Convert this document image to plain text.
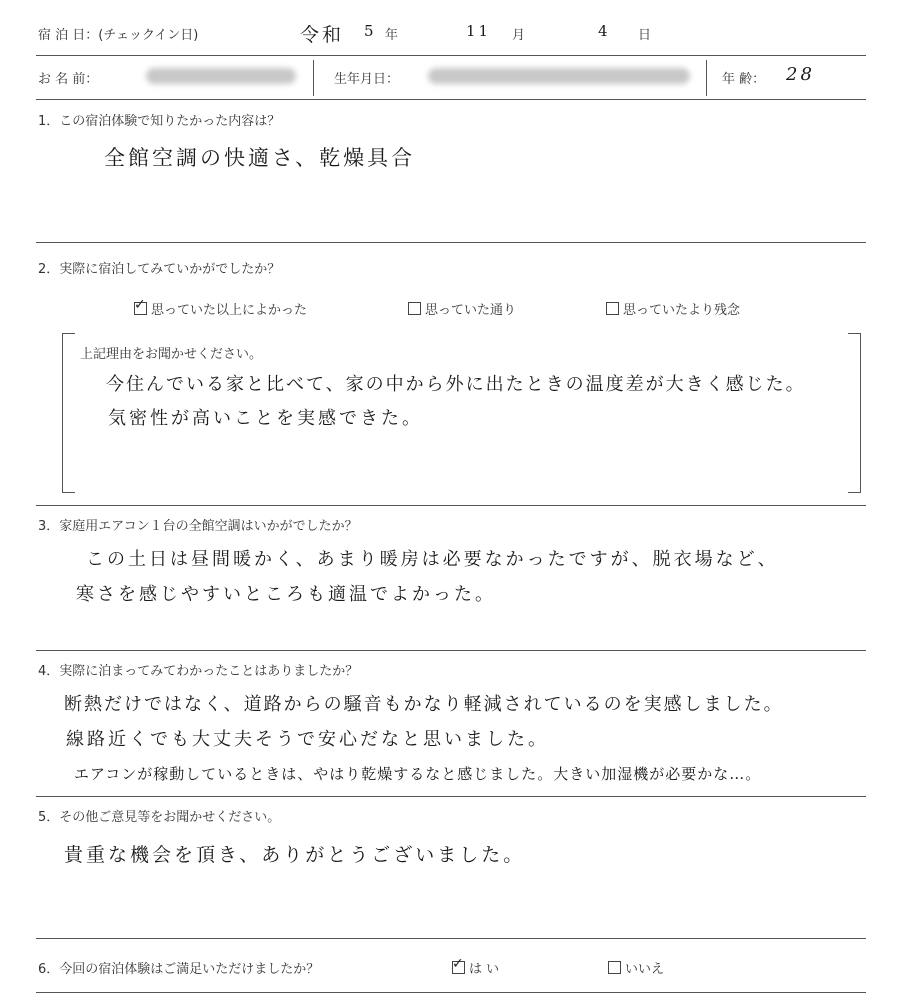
宿 泊 日：(チェックイン日)	令和 5 年	11 月	4 日
お 名 前：	生年月日：	年 齢： 28
1．この宿泊体験で知りたかった内容は？
全館空調の快適さ、乾燥具合
2．実際に宿泊してみていかがでしたか？
✓思っていた以上によかった	思っていた通り	思っていたより残念
上記理由をお聞かせください。
今住んでいる家と比べて、家の中から外に出たときの温度差が大きく感じた。
気密性が高いことを実感できた。
3．家庭用エアコン１台の全館空調はいかがでしたか？
この土日は昼間暖かく、あまり暖房は必要なかったですが、脱衣場など、
寒さを感じやすいところも適温でよかった。
4．実際に泊まってみてわかったことはありましたか？
断熱だけではなく、道路からの騒音もかなり軽減されているのを実感しました。
線路近くでも大丈夫そうで安心だなと思いました。
エアコンが稼動しているときは、やはり乾燥するなと感じました。大きい加湿機が必要かな…。
5．その他ご意見等をお聞かせください。
貴重な機会を頂き、ありがとうございました。
6．今回の宿泊体験はご満足いただけましたか？
✓	は い	いいえ
